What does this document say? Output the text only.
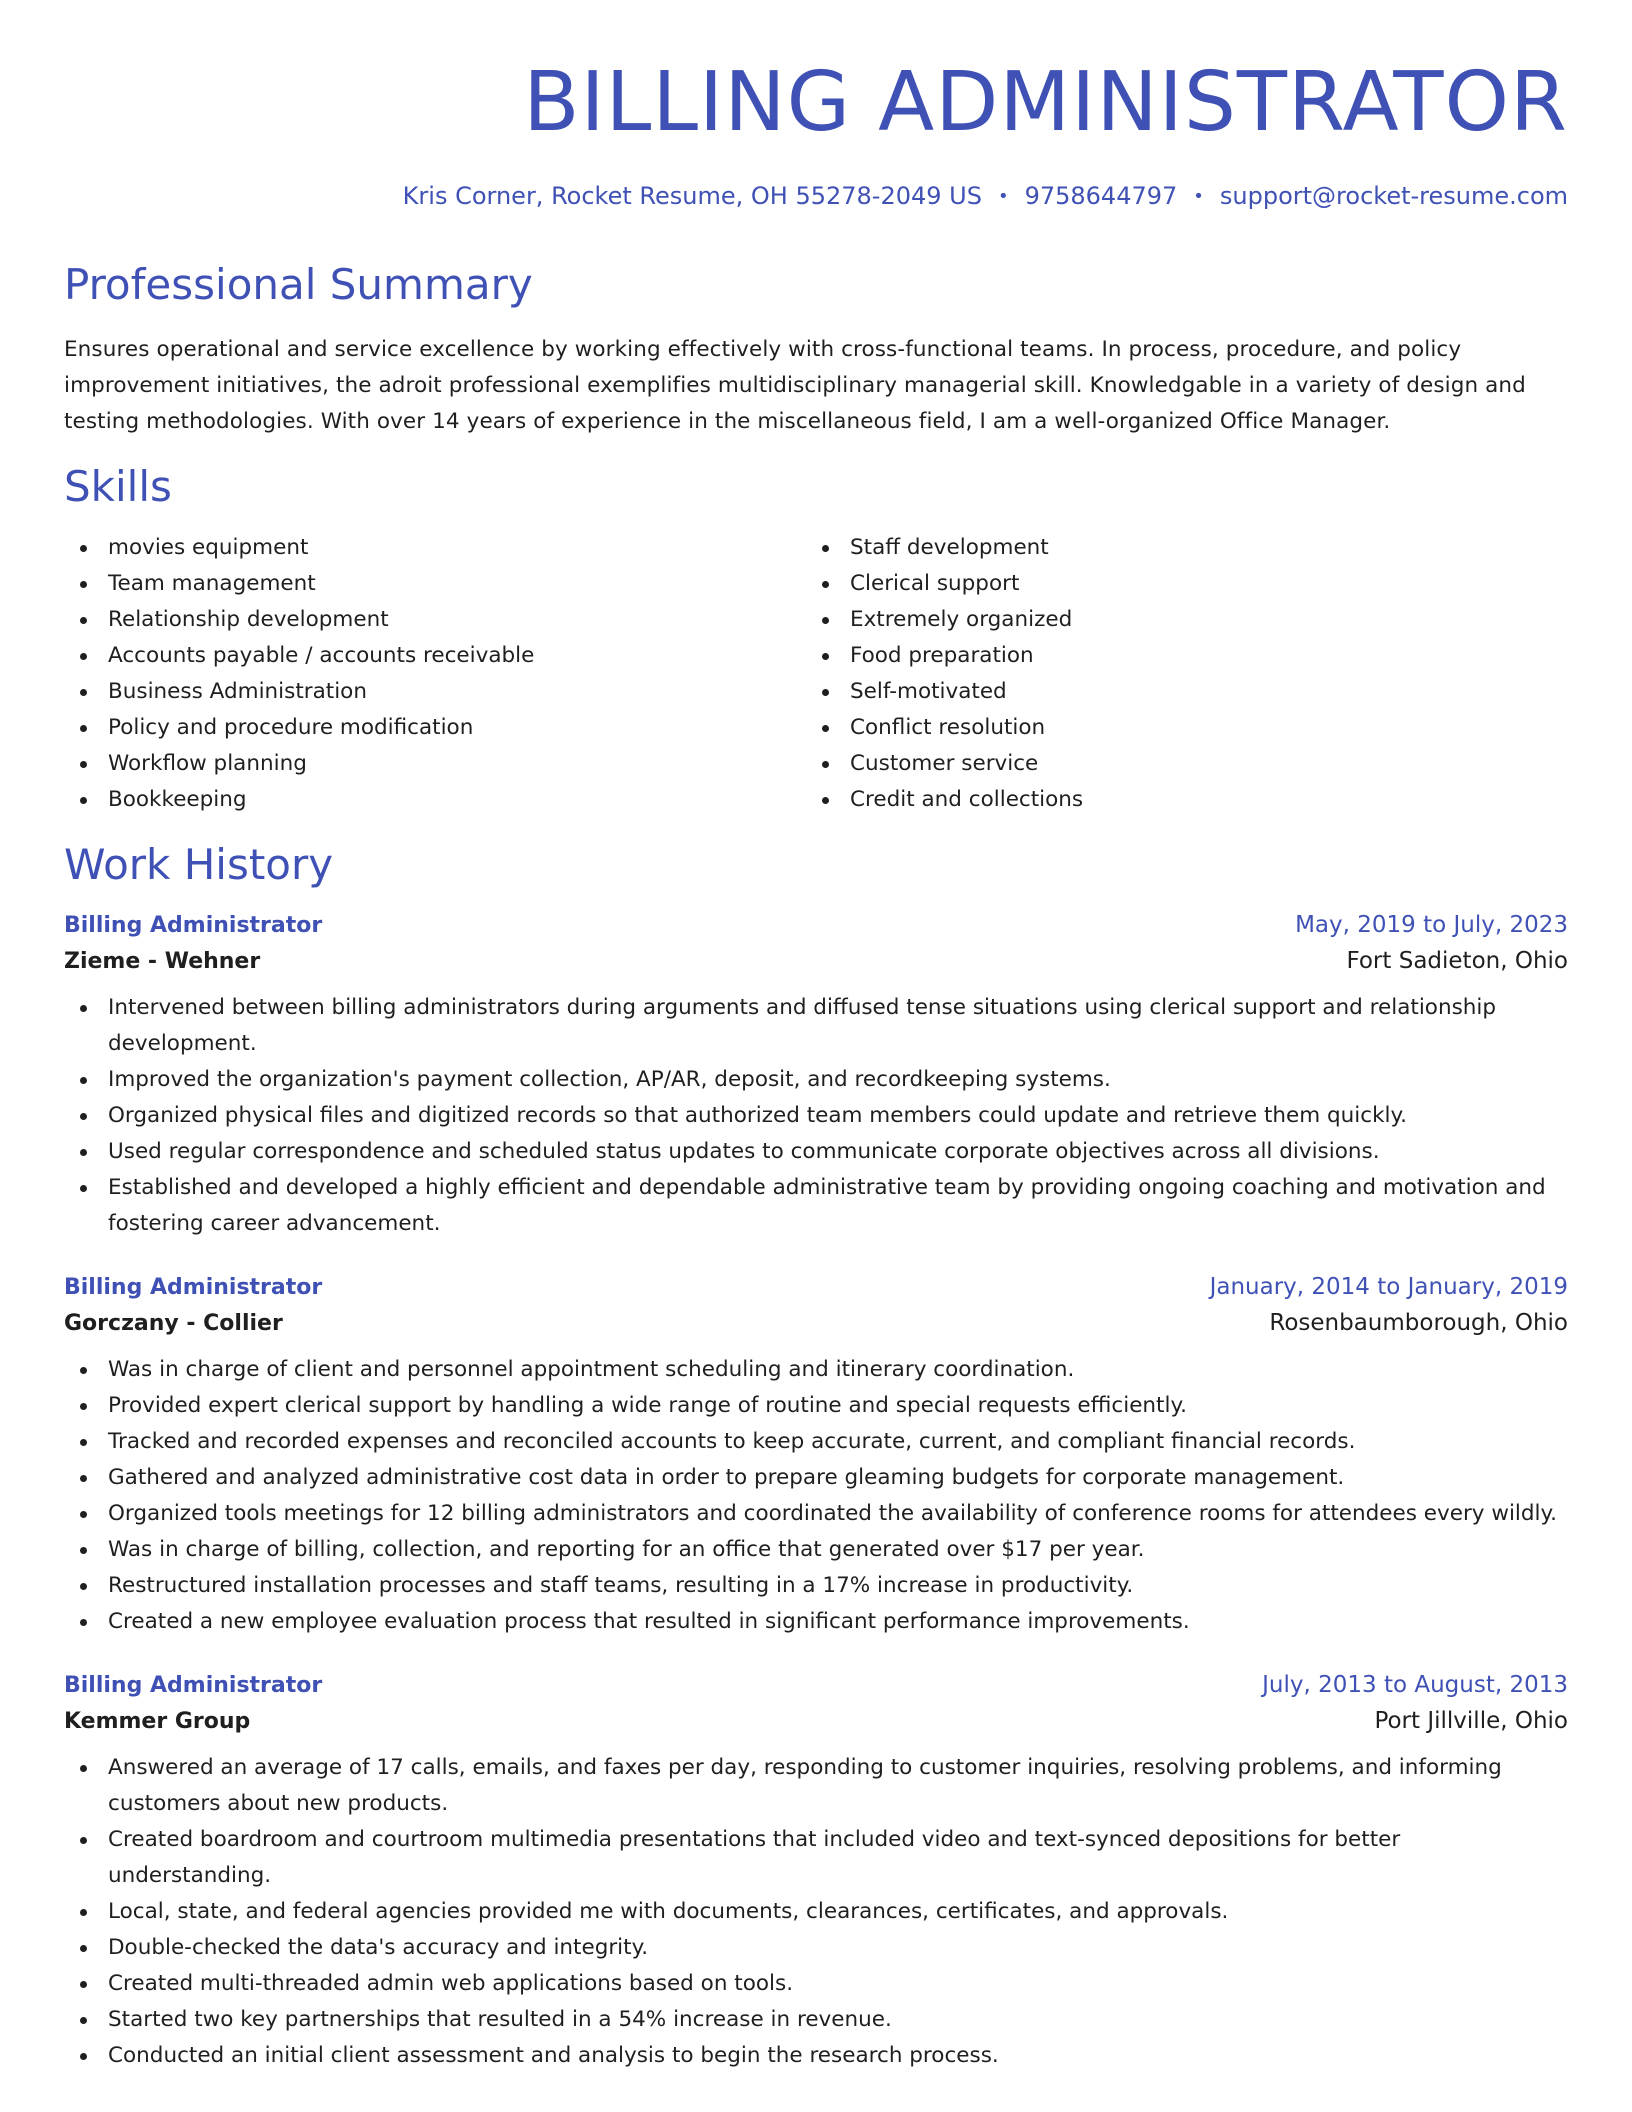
BILLING ADMINISTRATOR
Kris Corner, Rocket Resume, OH 55278-2049 US • 9758644797 • support@rocket-resume.com
Professional Summary
Ensures operational and service excellence by working effectively with cross-functional teams. In process, procedure, and policy improvement initiatives, the adroit professional exemplifies multidisciplinary managerial skill. Knowledgable in a variety of design and testing methodologies. With over 14 years of experience in the miscellaneous field, I am a well-organized Office Manager.
Skills
movies equipment
Team management
Relationship development
Accounts payable / accounts receivable
Business Administration
Policy and procedure modification
Workflow planning
Bookkeeping
Staff development
Clerical support
Extremely organized
Food preparation
Self-motivated
Conflict resolution
Customer service
Credit and collections
Work History
Billing Administrator	May, 2019 to July, 2023
Zieme - Wehner	Fort Sadieton, Ohio
Intervened between billing administrators during arguments and diffused tense situations using clerical support and relationship development.
Improved the organization's payment collection, AP/AR, deposit, and recordkeeping systems.
Organized physical files and digitized records so that authorized team members could update and retrieve them quickly.
Used regular correspondence and scheduled status updates to communicate corporate objectives across all divisions.
Established and developed a highly efficient and dependable administrative team by providing ongoing coaching and motivation and fostering career advancement.
Billing Administrator	January, 2014 to January, 2019
Gorczany - Collier	Rosenbaumborough, Ohio
Was in charge of client and personnel appointment scheduling and itinerary coordination.
Provided expert clerical support by handling a wide range of routine and special requests efficiently.
Tracked and recorded expenses and reconciled accounts to keep accurate, current, and compliant financial records.
Gathered and analyzed administrative cost data in order to prepare gleaming budgets for corporate management.
Organized tools meetings for 12 billing administrators and coordinated the availability of conference rooms for attendees every wildly.
Was in charge of billing, collection, and reporting for an office that generated over $17 per year.
Restructured installation processes and staff teams, resulting in a 17% increase in productivity.
Created a new employee evaluation process that resulted in significant performance improvements.
Billing Administrator	July, 2013 to August, 2013
Kemmer Group	Port Jillville, Ohio
Answered an average of 17 calls, emails, and faxes per day, responding to customer inquiries, resolving problems, and informing customers about new products.
Created boardroom and courtroom multimedia presentations that included video and text-synced depositions for better understanding.
Local, state, and federal agencies provided me with documents, clearances, certificates, and approvals.
Double-checked the data's accuracy and integrity.
Created multi-threaded admin web applications based on tools.
Started two key partnerships that resulted in a 54% increase in revenue.
Conducted an initial client assessment and analysis to begin the research process.
